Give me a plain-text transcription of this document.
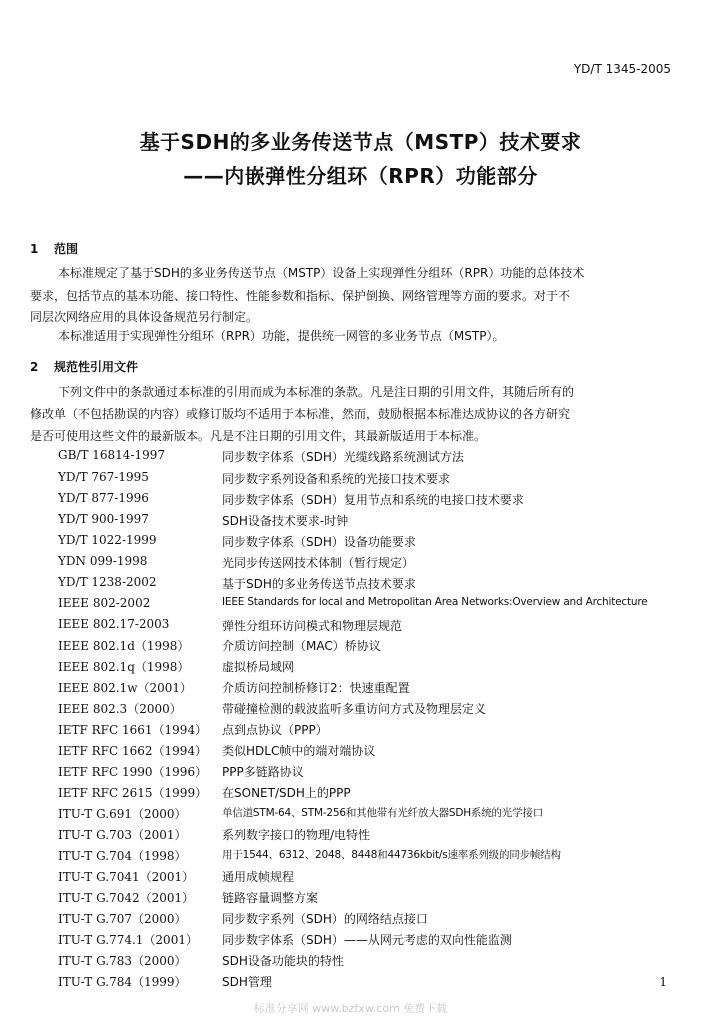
YD/T 1345-2005
基于SDH的多业务传送节点（MSTP）技术要求
——内嵌弹性分组环（RPR）功能部分
1 范围
本标准规定了基于SDH的多业务传送节点（MSTP）设备上实现弹性分组环（RPR）功能的总体技术
要求，包括节点的基本功能、接口特性、性能参数和指标、保护倒换、网络管理等方面的要求。对于不
同层次网络应用的具体设备规范另行制定。
本标准适用于实现弹性分组环（RPR）功能，提供统一网管的多业务节点（MSTP）。
2 规范性引用文件
下列文件中的条款通过本标准的引用而成为本标准的条款。凡是注日期的引用文件，其随后所有的
修改单（不包括勘误的内容）或修订版均不适用于本标准，然而，鼓励根据本标准达成协议的各方研究
是否可使用这些文件的最新版本。凡是不注日期的引用文件，其最新版适用于本标准。
GB/T 16814-1997	同步数字体系（SDH）光缆线路系统测试方法
YD/T 767-1995	同步数字系列设备和系统的光接口技术要求
YD/T 877-1996	同步数字体系（SDH）复用节点和系统的电接口技术要求
YD/T 900-1997	SDH设备技术要求-时钟
YD/T 1022-1999	同步数字体系（SDH）设备功能要求
YDN 099-1998	光同步传送网技术体制（暂行规定）
YD/T 1238-2002	基于SDH的多业务传送节点技术要求
IEEE 802-2002	IEEE Standards for local and Metropolitan Area Networks:Overview and Architecture
IEEE 802.17-2003	弹性分组环访问模式和物理层规范
IEEE 802.1d（1998）	介质访问控制（MAC）桥协议
IEEE 802.1q（1998）	虚拟桥局域网
IEEE 802.1w（2001）	介质访问控制桥修订2：快速重配置
IEEE 802.3（2000）	带碰撞检测的载波监听多重访问方式及物理层定义
IETF RFC 1661（1994）	点到点协议（PPP）
IETF RFC 1662（1994）	类似HDLC帧中的端对端协议
IETF RFC 1990（1996）	PPP多链路协议
IETF RFC 2615（1999）	在SONET/SDH上的PPP
ITU-T G.691（2000）	单信道STM-64、STM-256和其他带有光纤放大器SDH系统的光学接口
ITU-T G.703（2001）	系列数字接口的物理/电特性
ITU-T G.704（1998）	用于1544、6312、2048、8448和44736kbit/s速率系列级的同步帧结构
ITU-T G.7041（2001）	通用成帧规程
ITU-T G.7042（2001）	链路容量调整方案
ITU-T G.707（2000）	同步数字系列（SDH）的网络结点接口
ITU-T G.774.1（2001）	同步数字体系（SDH）——从网元考虑的双向性能监测
ITU-T G.783（2000）	SDH设备功能块的特性
ITU-T G.784（1999）	SDH管理	1
标准分享网 www.bzfxw.com 免费下载
